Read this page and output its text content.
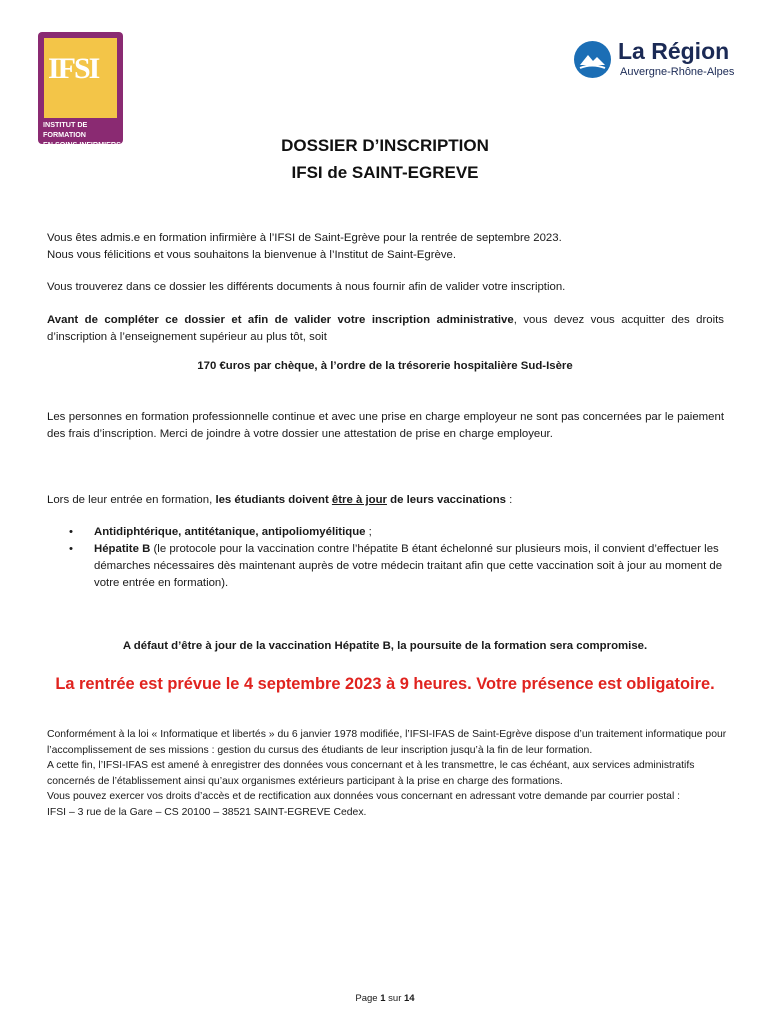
IFSI
INSTITUT DE FORMATION
EN SOINS INFIRMIERS
La Région
Auvergne-Rhône-Alpes
DOSSIER D’INSCRIPTION
IFSI de SAINT-EGREVE
Vous êtes admis.e en formation infirmière à l’IFSI de Saint-Egrève pour la rentrée de septembre 2023.
Nous vous félicitions et vous souhaitons la bienvenue à l’Institut de Saint-Egrève.
Vous trouverez dans ce dossier les différents documents à nous fournir afin de valider votre inscription.
Avant de compléter ce dossier et afin de valider votre inscription administrative, vous devez vous acquitter des droits d’inscription à l’enseignement supérieur au plus tôt, soit
170 €uros par chèque, à l’ordre de la trésorerie hospitalière Sud-Isère
Les personnes en formation professionnelle continue et avec une prise en charge employeur ne sont pas concernées par le paiement des frais d’inscription. Merci de joindre à votre dossier une attestation de prise en charge employeur.
Lors de leur entrée en formation, les étudiants doivent être à jour de leurs vaccinations :
• Antidiphtérique, antitétanique, antipoliomyélitique ;
• Hépatite B (le protocole pour la vaccination contre l’hépatite B étant échelonné sur plusieurs mois, il convient d’effectuer les démarches nécessaires dès maintenant auprès de votre médecin traitant afin que cette vaccination soit à jour au moment de votre entrée en formation).
A défaut d’être à jour de la vaccination Hépatite B, la poursuite de la formation sera compromise.
La rentrée est prévue le 4 septembre 2023 à 9 heures. Votre présence est obligatoire.
Conformément à la loi « Informatique et libertés » du 6 janvier 1978 modifiée, l’IFSI-IFAS de Saint-Egrève dispose d’un traitement informatique pour l’accomplissement de ses missions : gestion du cursus des étudiants de leur inscription jusqu’à la fin de leur formation.
A cette fin, l’IFSI-IFAS est amené à enregistrer des données vous concernant et à les transmettre, le cas échéant, aux services administratifs concernés de l’établissement ainsi qu’aux organismes extérieurs participant à la prise en charge des formations.
Vous pouvez exercer vos droits d’accès et de rectification aux données vous concernant en adressant votre demande par courrier postal :
IFSI – 3 rue de la Gare – CS 20100 – 38521 SAINT-EGREVE Cedex.
Page 1 sur 14
